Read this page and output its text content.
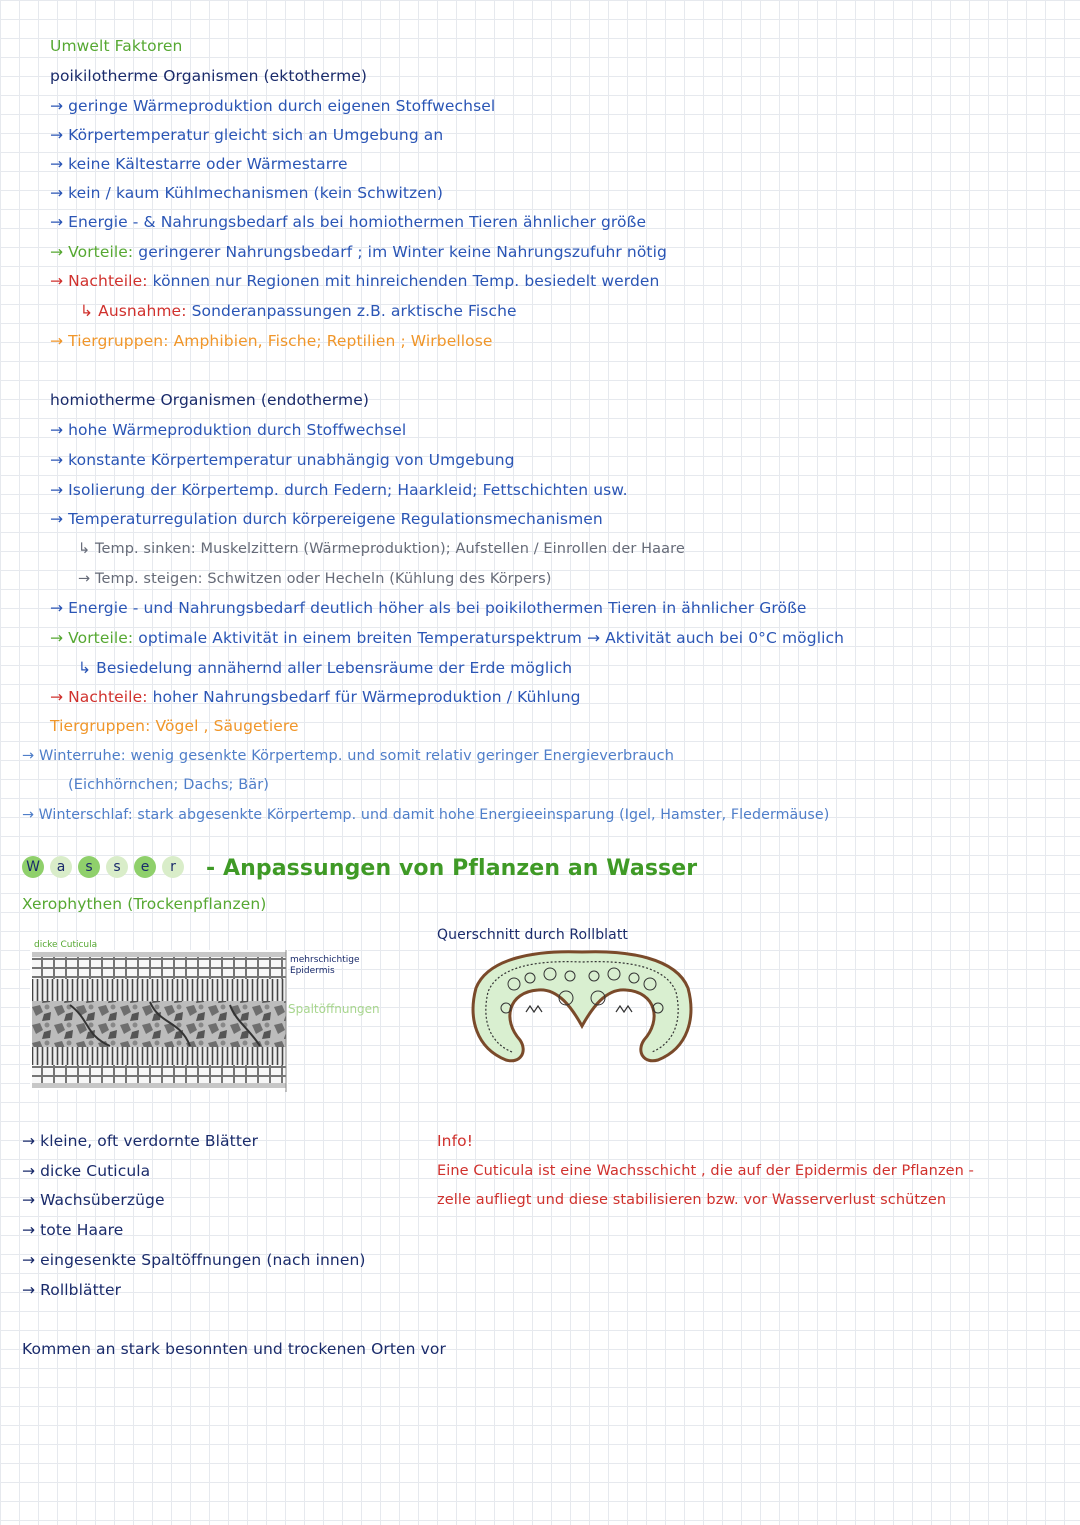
Umwelt Faktoren
poikilotherme Organismen (ektotherme)
→ geringe Wärmeproduktion durch eigenen Stoffwechsel
→ Körpertemperatur gleicht sich an Umgebung an
→ keine Kältestarre oder Wärmestarre
→ kein / kaum Kühlmechanismen (kein Schwitzen)
→ Energie - & Nahrungsbedarf als bei homiothermen Tieren ähnlicher größe
→ Vorteile: geringerer Nahrungsbedarf ; im Winter keine Nahrungszufuhr nötig
→ Nachteile: können nur Regionen mit hinreichenden Temp. besiedelt werden
↳ Ausnahme: Sonderanpassungen z.B. arktische Fische
→ Tiergruppen: Amphibien, Fische; Reptilien ; Wirbellose
homiotherme Organismen (endotherme)
→ hohe Wärmeproduktion durch Stoffwechsel
→ konstante Körpertemperatur unabhängig von Umgebung
→ Isolierung der Körpertemp. durch Federn; Haarkleid; Fettschichten usw.
→ Temperaturregulation durch körpereigene Regulationsmechanismen
↳ Temp. sinken: Muskelzittern (Wärmeproduktion); Aufstellen / Einrollen der Haare
→ Temp. steigen: Schwitzen oder Hecheln (Kühlung des Körpers)
→ Energie - und Nahrungsbedarf deutlich höher als bei poikilothermen Tieren in ähnlicher Größe
→ Vorteile: optimale Aktivität in einem breiten Temperaturspektrum → Aktivität auch bei 0°C möglich
↳ Besiedelung annähernd aller Lebensräume der Erde möglich
→ Nachteile: hoher Nahrungsbedarf für Wärmeproduktion / Kühlung
Tiergruppen: Vögel , Säugetiere
→ Winterruhe: wenig gesenkte Körpertemp. und somit relativ geringer Energieverbrauch
(Eichhörnchen; Dachs; Bär)
→ Winterschlaf: stark abgesenkte Körpertemp. und damit hohe Energieeinsparung (Igel, Hamster, Fledermäuse)
W	a	s	s	e	r	- Anpassungen von Pflanzen an Wasser
Xerophythen (Trockenpflanzen)
dicke Cuticula
mehrschichtige
Epidermis
Spaltöffnungen
Querschnitt durch Rollblatt
→ kleine, oft verdornte Blätter
→ dicke Cuticula
→ Wachsüberzüge
→ tote Haare
→ eingesenkte Spaltöffnungen (nach innen)
→ Rollblätter
Info!
Eine Cuticula ist eine Wachsschicht , die auf der Epidermis der Pflanzen -
zelle aufliegt und diese stabilisieren bzw. vor Wasserverlust schützen
Kommen an stark besonnten und trockenen Orten vor
